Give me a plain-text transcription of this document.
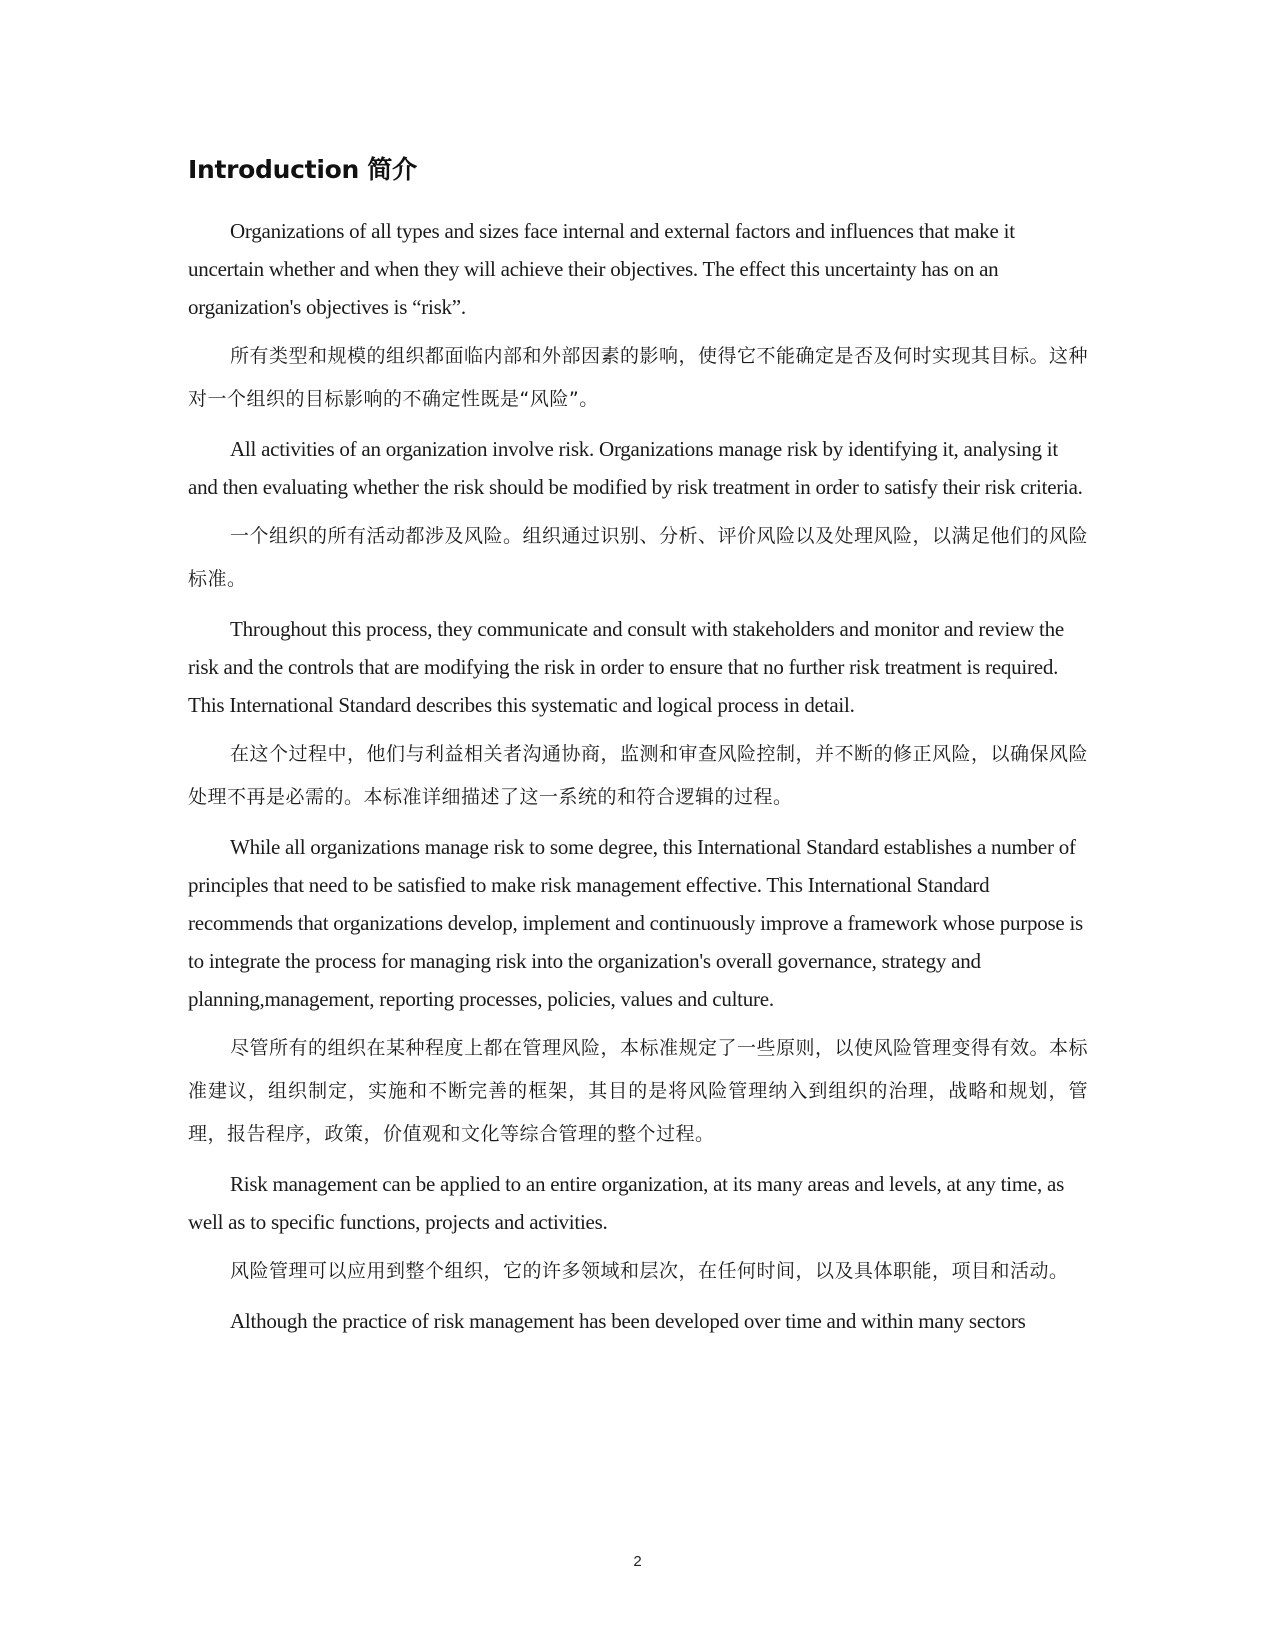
Introduction 简介

Organizations of all types and sizes face internal and external factors and influences that make it uncertain whether and when they will achieve their objectives. The effect this uncertainty has on an organization's objectives is “risk”.

所有类型和规模的组织都面临内部和外部因素的影响，使得它不能确定是否及何时实现其目标。这种对一个组织的目标影响的不确定性既是“风险”。

All activities of an organization involve risk. Organizations manage risk by identifying it, analysing it and then evaluating whether the risk should be modified by risk treatment in order to satisfy their risk criteria.

一个组织的所有活动都涉及风险。组织通过识别、分析、评价风险以及处理风险，以满足他们的风险标准。

Throughout this process, they communicate and consult with stakeholders and monitor and review the risk and the controls that are modifying the risk in order to ensure that no further risk treatment is required. This International Standard describes this systematic and logical process in detail.

在这个过程中，他们与利益相关者沟通协商，监测和审查风险控制，并不断的修正风险，以确保风险处理不再是必需的。本标准详细描述了这一系统的和符合逻辑的过程。

While all organizations manage risk to some degree, this International Standard establishes a number of principles that need to be satisfied to make risk management effective. This International Standard recommends that organizations develop, implement and continuously improve a framework whose purpose is to integrate the process for managing risk into the organization's overall governance, strategy and planning,management, reporting processes, policies, values and culture.

尽管所有的组织在某种程度上都在管理风险，本标准规定了一些原则，以使风险管理变得有效。本标准建议，组织制定，实施和不断完善的框架，其目的是将风险管理纳入到组织的治理，战略和规划，管理，报告程序，政策，价值观和文化等综合管理的整个过程。

Risk management can be applied to an entire organization, at its many areas and levels, at any time, as well as to specific functions, projects and activities.

风险管理可以应用到整个组织，它的许多领域和层次，在任何时间，以及具体职能，项目和活动。

Although the practice of risk management has been developed over time and within many sectors

2
